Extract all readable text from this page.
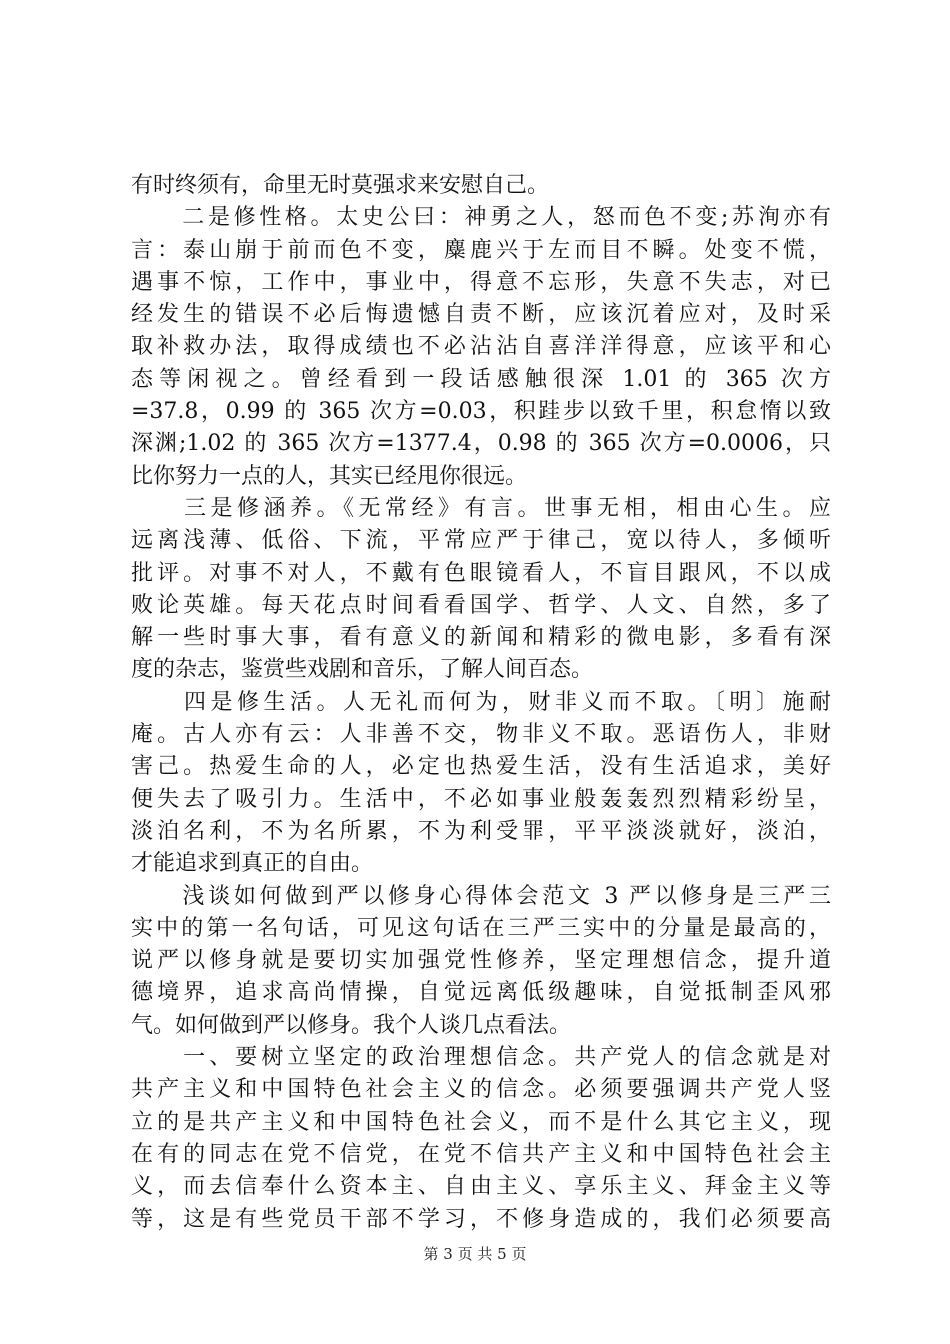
有时终须有，命里无时莫强求来安慰自己。
　　二是修性格。太史公曰：神勇之人，怒而色不变;苏洵亦有
言：泰山崩于前而色不变，麋鹿兴于左而目不瞬。处变不慌，
遇事不惊，工作中，事业中，得意不忘形，失意不失志，对已
经发生的错误不必后悔遗憾自责不断，应该沉着应对，及时采
取补救办法，取得成绩也不必沾沾自喜洋洋得意，应该平和心
态等闲视之。曾经看到一段话感触很深 1.01 的 365 次方
=37.8，0.99 的 365 次方=0.03，积跬步以致千里，积怠惰以致
深渊;1.02 的 365 次方=1377.4，0.98 的 365 次方=0.0006，只
比你努力一点的人，其实已经甩你很远。
　　三是修涵养。《无常经》有言。世事无相，相由心生。应
远离浅薄、低俗、下流，平常应严于律己，宽以待人，多倾听
批评。对事不对人，不戴有色眼镜看人，不盲目跟风，不以成
败论英雄。每天花点时间看看国学、哲学、人文、自然，多了
解一些时事大事，看有意义的新闻和精彩的微电影，多看有深
度的杂志，鉴赏些戏剧和音乐，了解人间百态。
　　四是修生活。人无礼而何为，财非义而不取。〔明〕施耐
庵。古人亦有云：人非善不交，物非义不取。恶语伤人，非财
害己。热爱生命的人，必定也热爱生活，没有生活追求，美好
便失去了吸引力。生活中，不必如事业般轰轰烈烈精彩纷呈，
淡泊名利，不为名所累，不为利受罪，平平淡淡就好，淡泊，
才能追求到真正的自由。
　　浅谈如何做到严以修身心得体会范文 3 严以修身是三严三
实中的第一名句话，可见这句话在三严三实中的分量是最高的，
说严以修身就是要切实加强党性修养，坚定理想信念，提升道
德境界，追求高尚情操，自觉远离低级趣味，自觉抵制歪风邪
气。如何做到严以修身。我个人谈几点看法。
　　一、要树立坚定的政治理想信念。共产党人的信念就是对
共产主义和中国特色社会主义的信念。必须要强调共产党人竖
立的是共产主义和中国特色社会义，而不是什么其它主义，现
在有的同志在党不信党，在党不信共产主义和中国特色社会主
义，而去信奉什么资本主、自由主义、享乐主义、拜金主义等
等，这是有些党员干部不学习，不修身造成的，我们必须要高
第 3 页 共 5 页
